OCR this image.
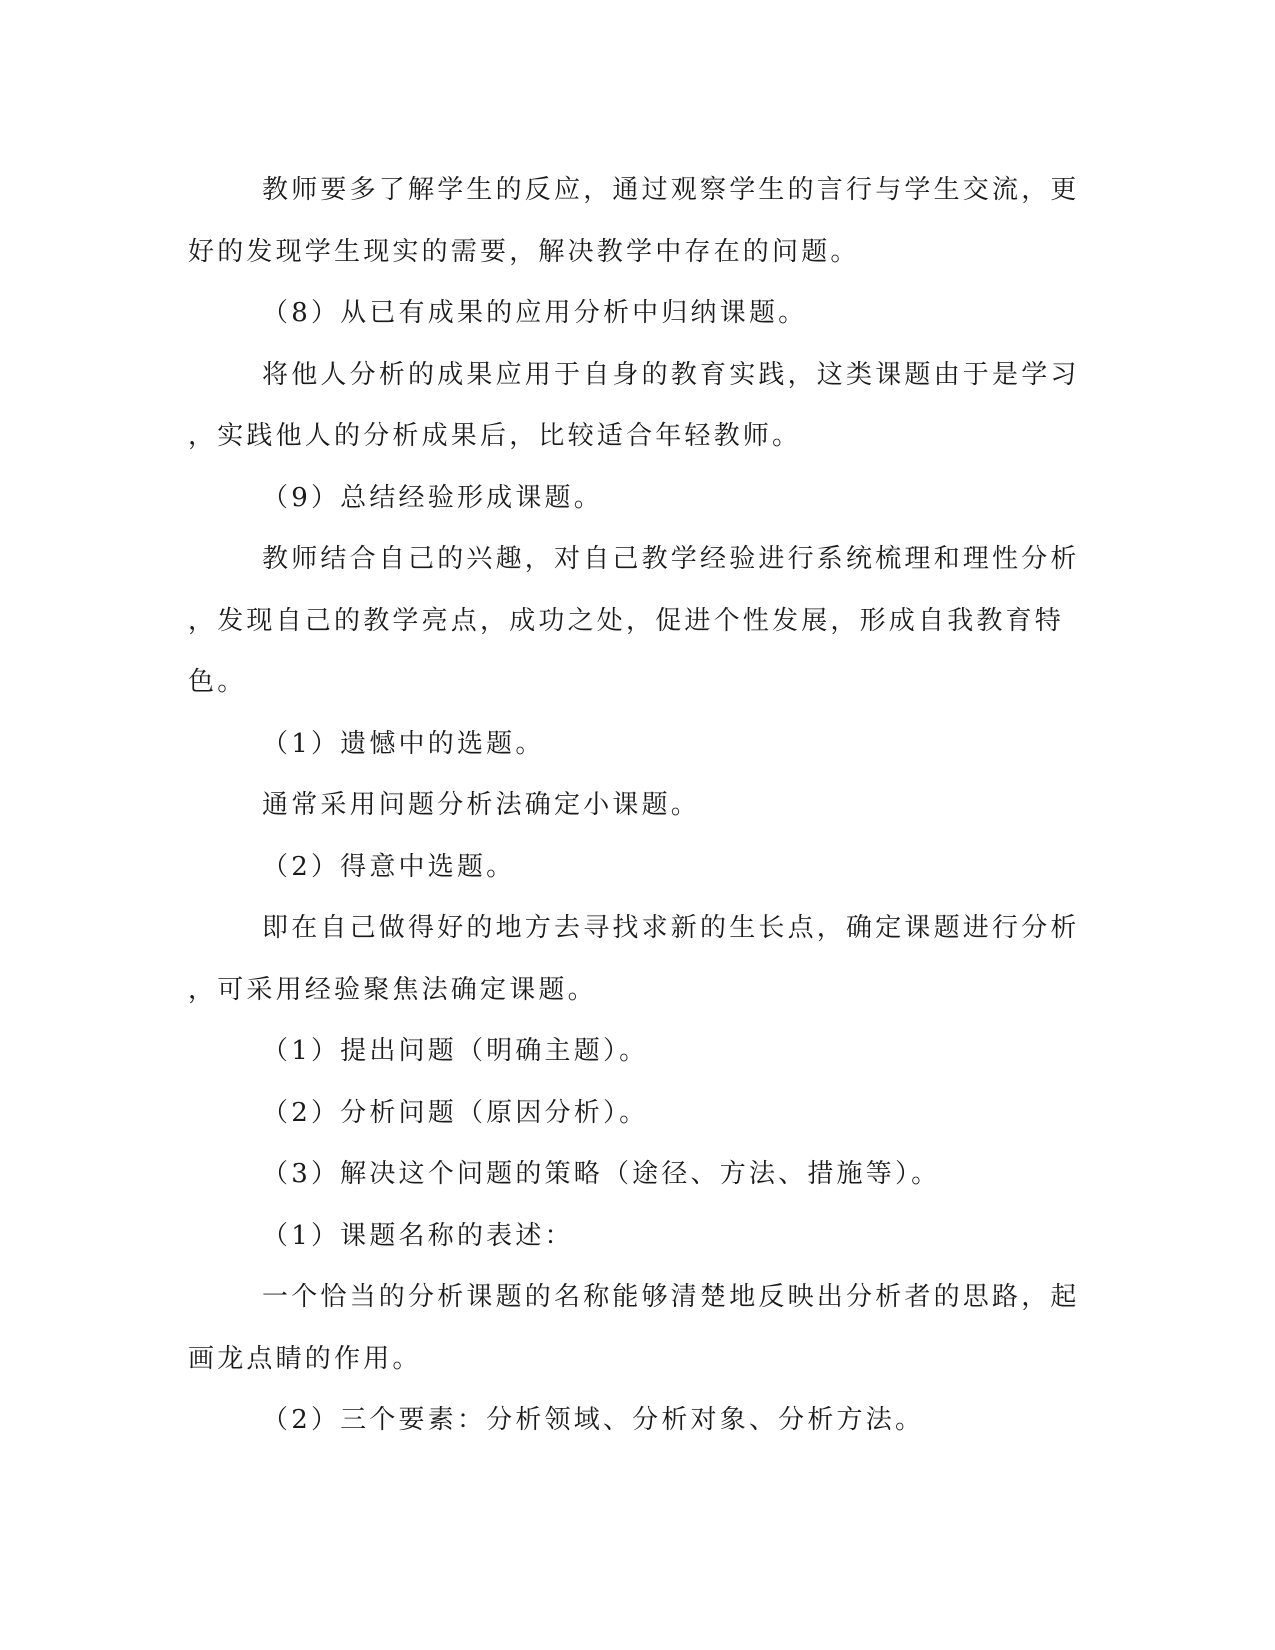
教师要多了解学生的反应，通过观察学生的言行与学生交流，更

好的发现学生现实的需要，解决教学中存在的问题。

（8）从已有成果的应用分析中归纳课题。

将他人分析的成果应用于自身的教育实践，这类课题由于是学习

，实践他人的分析成果后，比较适合年轻教师。

（9）总结经验形成课题。

教师结合自己的兴趣，对自己教学经验进行系统梳理和理性分析

，发现自己的教学亮点，成功之处，促进个性发展，形成自我教育特

色。

（1）遗憾中的选题。

通常采用问题分析法确定小课题。

（2）得意中选题。

即在自己做得好的地方去寻找求新的生长点，确定课题进行分析

，可采用经验聚焦法确定课题。

（1）提出问题（明确主题）。

（2）分析问题（原因分析）。

（3）解决这个问题的策略（途径、方法、措施等）。

（1）课题名称的表述：

一个恰当的分析课题的名称能够清楚地反映出分析者的思路，起

画龙点睛的作用。

（2）三个要素：分析领域、分析对象、分析方法。
